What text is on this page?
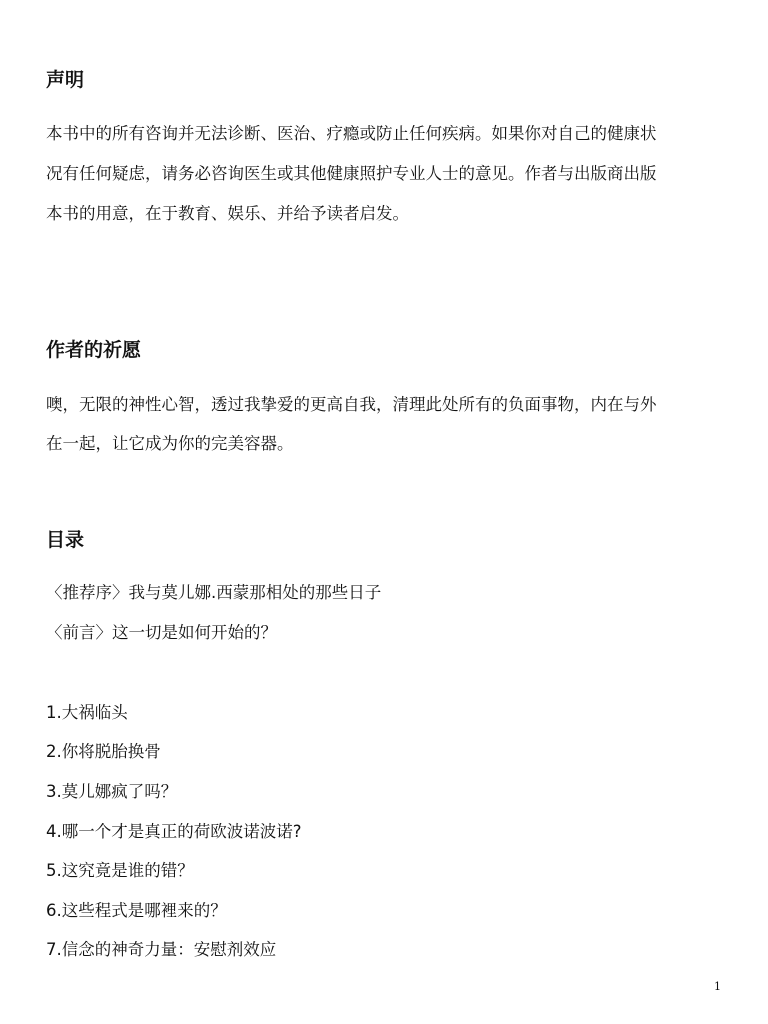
声明
本书中的所有咨询并无法诊断、医治、疗瘾或防止任何疾病。如果你对自己的健康状
况有任何疑虑，请务必咨询医生或其他健康照护专业人士的意见。作者与出版商出版
本书的用意，在于教育、娱乐、并给予读者启发。
作者的祈愿
噢，无限的神性心智，透过我挚爱的更高自我，清理此处所有的负面事物，内在与外
在一起，让它成为你的完美容器。
目录
〈推荐序〉我与莫儿娜.西蒙那相处的那些日子
〈前言〉这一切是如何开始的？
1.大祸临头
2.你将脱胎换骨
3.莫儿娜疯了吗？
4.哪一个才是真正的荷欧波诺波诺?
5.这究竟是谁的错？
6.这些程式是哪裡来的？
7.信念的神奇力量：安慰剂效应
1
